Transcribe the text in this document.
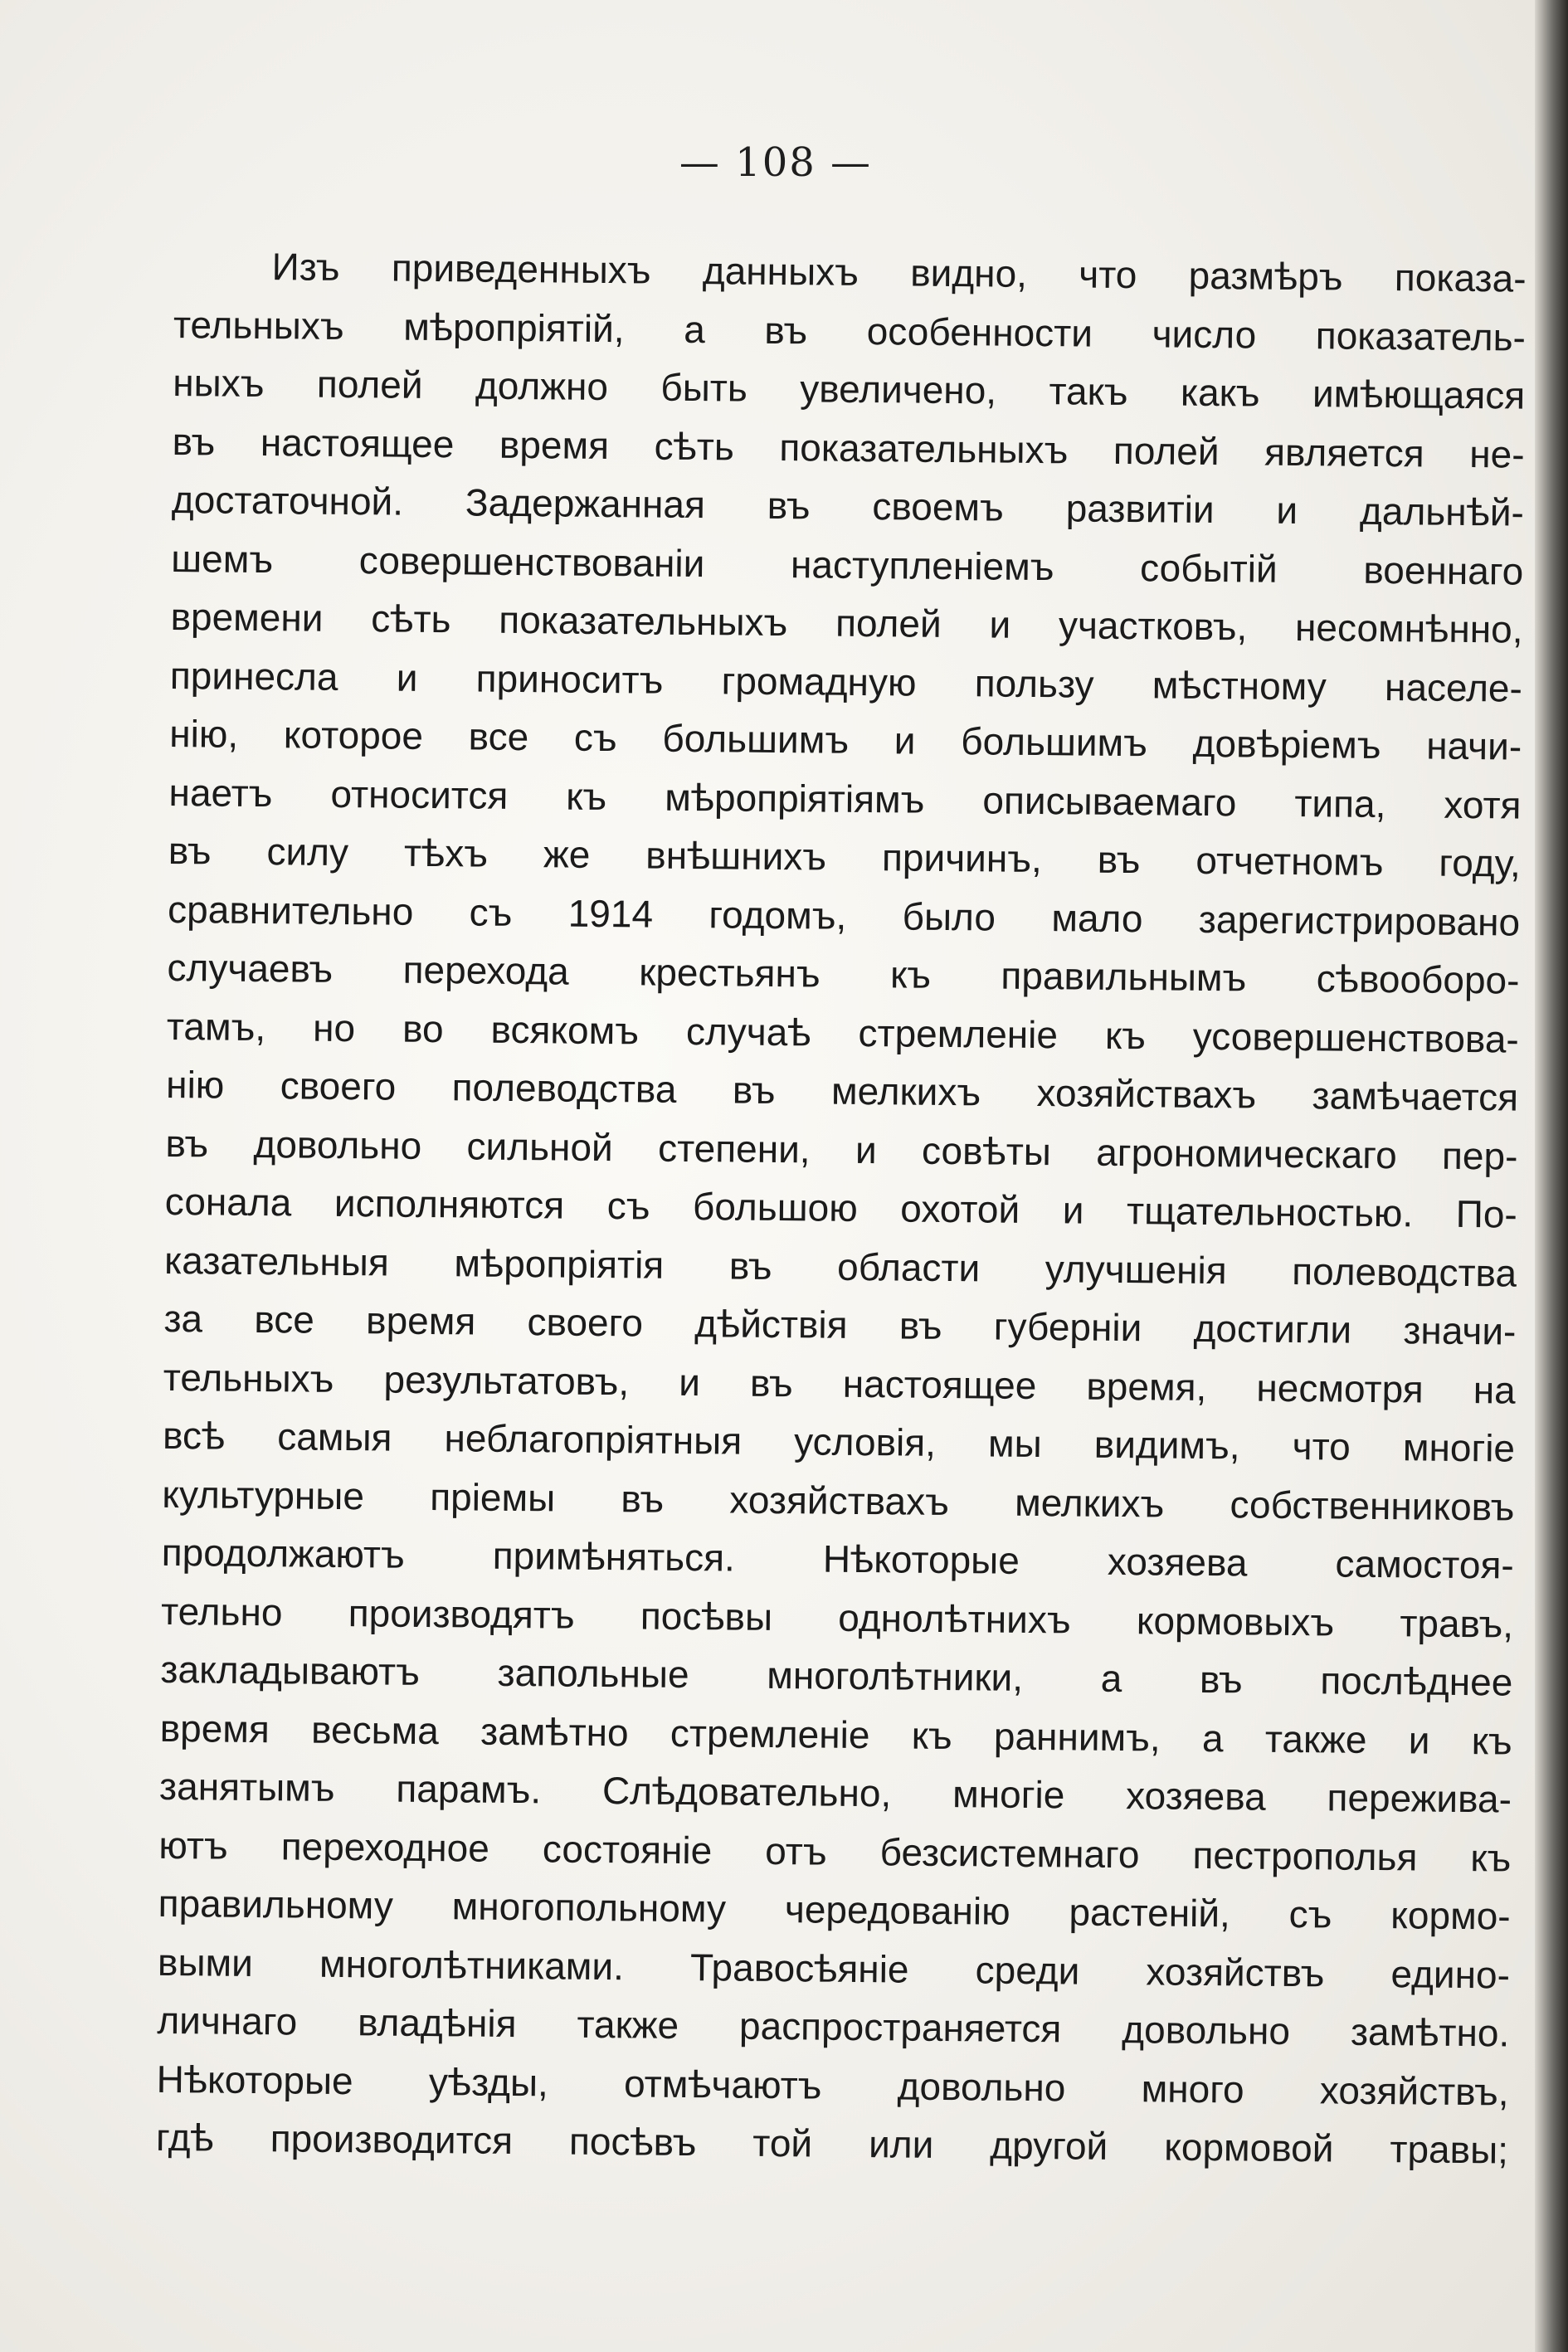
— 108 —
Изъ приведенныхъ данныхъ видно, что размѣръ показа-
тельныхъ мѣропріятій, а въ особенности число показатель-
ныхъ полей должно быть увеличено, такъ какъ имѣющаяся
въ настоящее время сѣть показательныхъ полей является не-
достаточной. Задержанная въ своемъ развитіи и дальнѣй-
шемъ совершенствованіи наступленіемъ событій военнаго
времени сѣть показательныхъ полей и участковъ, несомнѣнно,
принесла и приноситъ громадную пользу мѣстному населе-
нію, которое все съ большимъ и большимъ довѣріемъ начи-
наетъ относится къ мѣропріятіямъ описываемаго типа, хотя
въ силу тѣхъ же внѣшнихъ причинъ, въ отчетномъ году,
сравнительно съ 1914 годомъ, было мало зарегистрировано
случаевъ перехода крестьянъ къ правильнымъ сѣвооборо-
тамъ, но во всякомъ случаѣ стремленіе къ усовершенствова-
нію своего полеводства въ мелкихъ хозяйствахъ замѣчается
въ довольно сильной степени, и совѣты агрономическаго пер-
сонала исполняются съ большою охотой и тщательностью. По-
казательныя мѣропріятія въ области улучшенія полеводства
за все время своего дѣйствія въ губерніи достигли значи-
тельныхъ результатовъ, и въ настоящее время, несмотря на
всѣ самыя неблагопріятныя условія, мы видимъ, что многіе
культурные пріемы въ хозяйствахъ мелкихъ собственниковъ
продолжаютъ примѣняться. Нѣкоторые хозяева самостоя-
тельно производятъ посѣвы однолѣтнихъ кормовыхъ травъ,
закладываютъ запольные многолѣтники, а въ послѣднее
время весьма замѣтно стремленіе къ раннимъ, а также и къ
занятымъ парамъ. Слѣдовательно, многіе хозяева пережива-
ютъ переходное состояніе отъ безсистемнаго пестрополья къ
правильному многопольному чередованію растеній, съ кормо-
выми многолѣтниками. Травосѣяніе среди хозяйствъ едино-
личнаго владѣнія также распространяется довольно замѣтно.
Нѣкоторые уѣзды, отмѣчаютъ довольно много хозяйствъ,
гдѣ производится посѣвъ той или другой кормовой травы;
